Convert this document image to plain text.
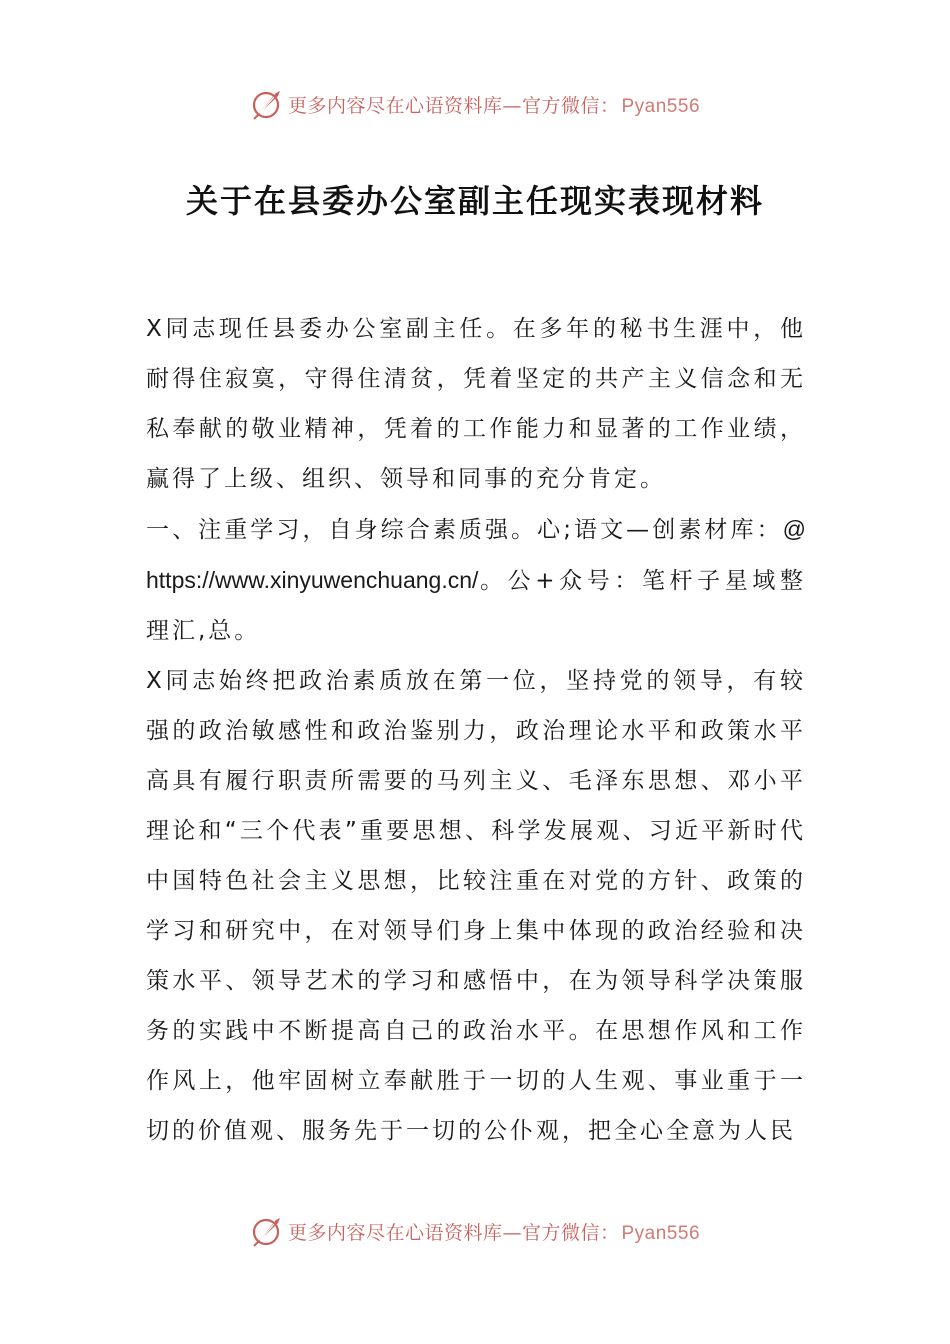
更多内容尽在心语资料库—官方微信： Pyan556
关于在县委办公室副主任现实表现材料

X同志现任县委办公室副主任。在多年的秘书生涯中，他耐得住寂寞，守得住清贫，凭着坚定的共产主义信念和无私奉献的敬业精神，凭着的工作能力和显著的工作业绩，赢得了上级、组织、领导和同事的充分肯定。

一、注重学习，自身综合素质强。心;语文—创素材库：@https://www.xinyuwenchuang.cn/。公+众号：笔杆子星域整理汇,总。

X同志始终把政治素质放在第一位，坚持党的领导，有较强的政治敏感性和政治鉴别力，政治理论水平和政策水平高具有履行职责所需要的马列主义、毛泽东思想、邓小平理论和“三个代表”重要思想、科学发展观、习近平新时代中国特色社会主义思想，比较注重在对党的方针、政策的学习和研究中，在对领导们身上集中体现的政治经验和决策水平、领导艺术的学习和感悟中，在为领导科学决策服务的实践中不断提高自己的政治水平。在思想作风和工作作风上，他牢固树立奉献胜于一切的人生观、事业重于一切的价值观、服务先于一切的公仆观，把全心全意为人民

更多内容尽在心语资料库—官方微信： Pyan556
